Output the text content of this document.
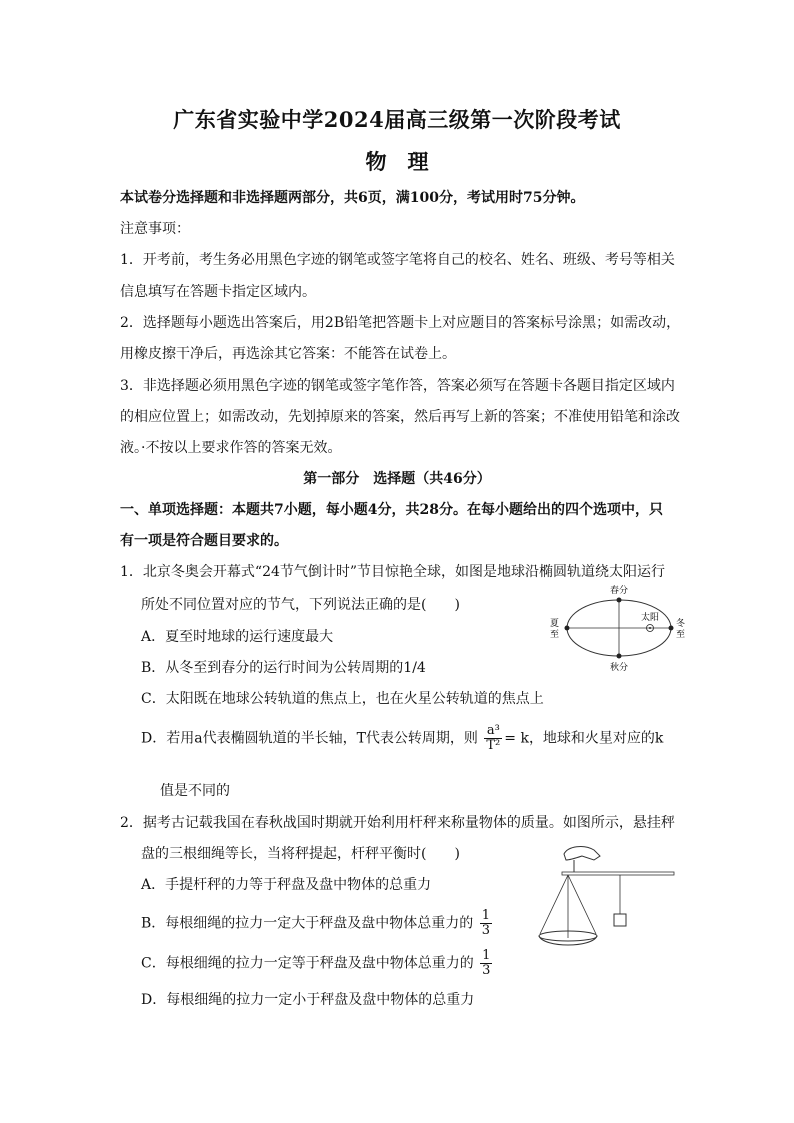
广东省实验中学2024届高三级第一次阶段考试
物　理
本试卷分选择题和非选择题两部分，共6页，满100分，考试用时75分钟。
注意事项：
1．开考前，考生务必用黑色字迹的钢笔或签字笔将自己的校名、姓名、班级、考号等相关
信息填写在答题卡指定区域内。
2．选择题每小题选出答案后，用2B铅笔把答题卡上对应题目的答案标号涂黑；如需改动，
用橡皮擦干净后，再选涂其它答案：不能答在试卷上。
3．非选择题必须用黑色字迹的钢笔或签字笔作答，答案必须写在答题卡各题目指定区域内
的相应位置上；如需改动，先划掉原来的答案，然后再写上新的答案；不准使用铅笔和涂改
液。·不按以上要求作答的答案无效。
第一部分　选择题（共46分）
一、单项选择题：本题共7小题，每小题4分，共28分。在每小题给出的四个选项中，只
有一项是符合题目要求的。
1．北京冬奥会开幕式“24节气倒计时”节目惊艳全球，如图是地球沿椭圆轨道绕太阳运行
所处不同位置对应的节气，下列说法正确的是(　　)
A．夏至时地球的运行速度最大
B．从冬至到春分的运行时间为公转周期的1/4
C．太阳既在地球公转轨道的焦点上，也在火星公转轨道的焦点上
D．若用a代表椭圆轨道的半长轴，T代表公转周期，则 $\frac{\text{a³}}{\text{T²}} = k$，地球和火星对应的k
值是不同的
春分
秋分
太阳
夏
至
冬
至
2．据考古记载我国在春秋战国时期就开始利用杆秤来称量物体的质量。如图所示，悬挂秤
盘的三根细绳等长，当将秤提起，杆秤平衡时(　　)
A．手提杆秤的力等于秤盘及盘中物体的总重力
B．每根细绳的拉力一定大于秤盘及盘中物体总重力的 $\frac{1}{3}$
C．每根细绳的拉力一定等于秤盘及盘中物体总重力的 $\frac{1}{3}$
D．每根细绳的拉力一定小于秤盘及盘中物体的总重力
